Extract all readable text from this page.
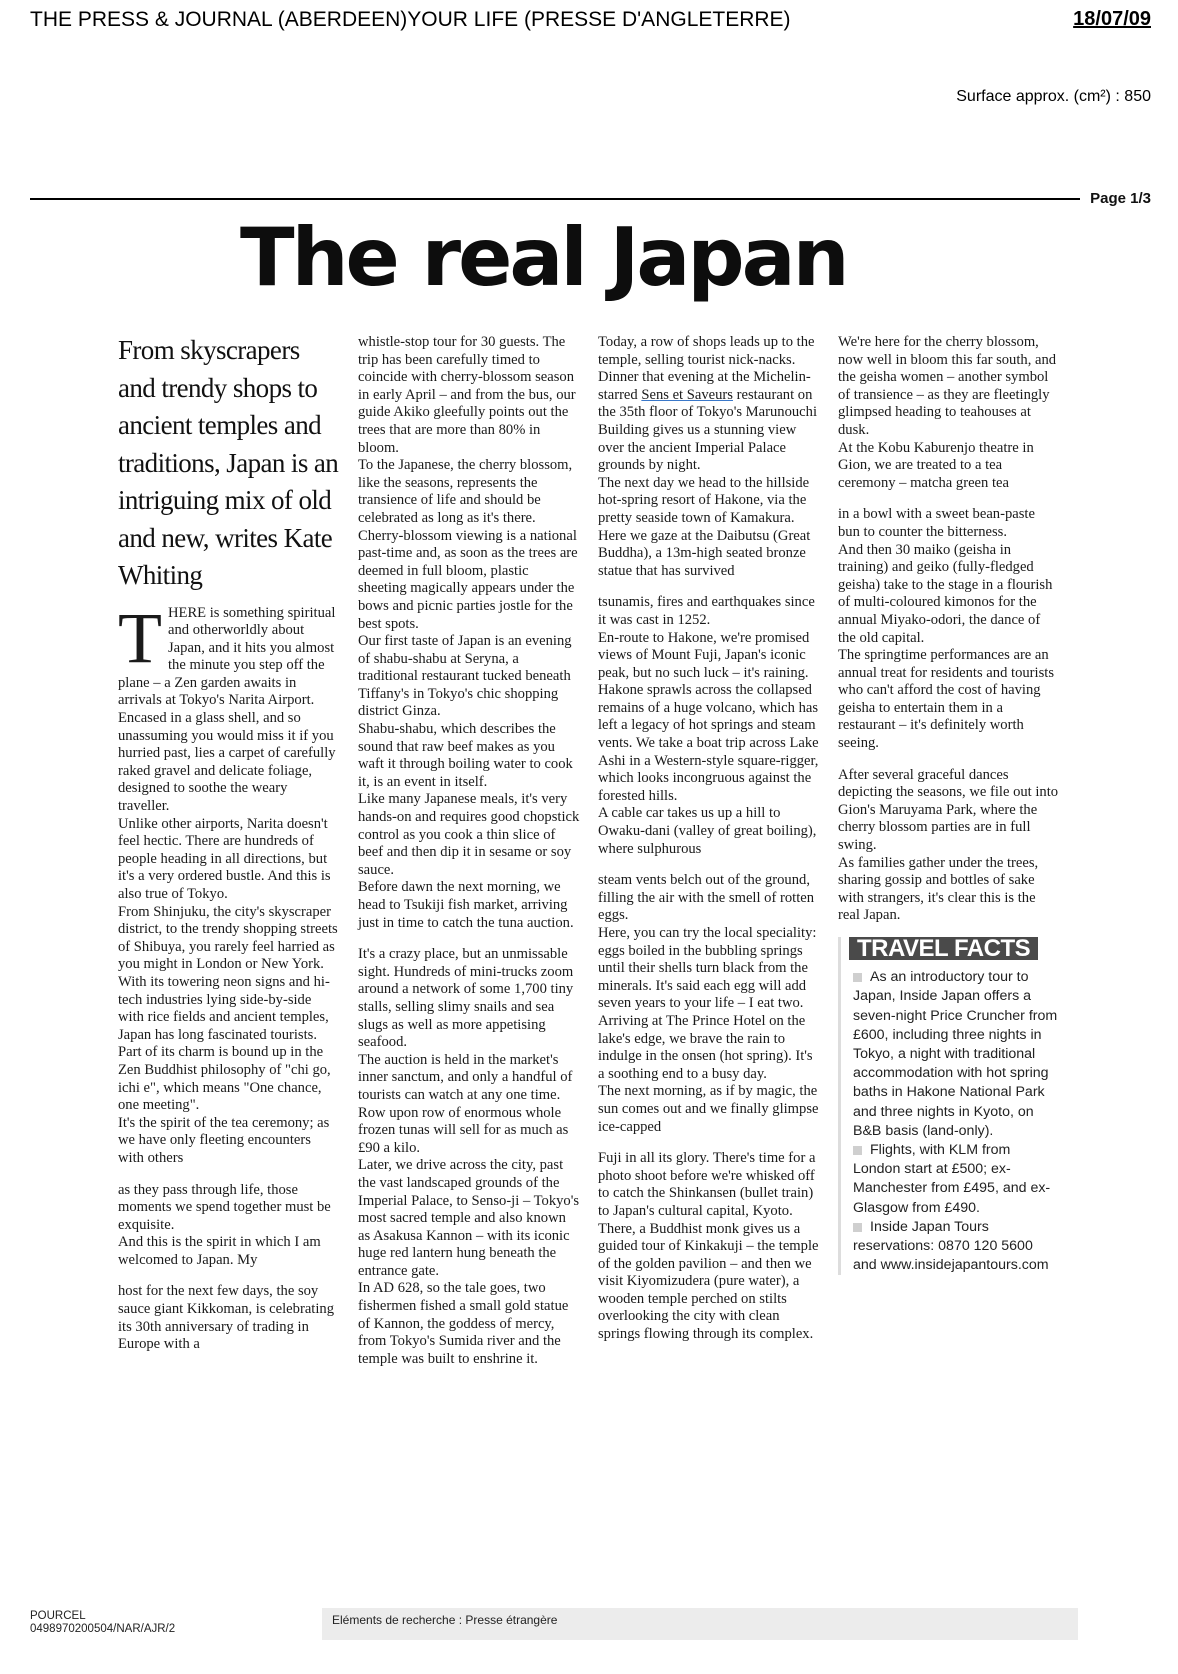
THE PRESS & JOURNAL (ABERDEEN)YOUR LIFE (PRESSE D'ANGLETERRE)	18/07/09
Surface approx. (cm²) : 850
Page 1/3
The real Japan
From skyscrapers and trendy shops to ancient temples and traditions, Japan is an intriguing mix of old and new, writes Kate Whiting

THERE is something spiritual and otherworldly about Japan, and it hits you almost the minute you step off the plane – a Zen garden awaits in arrivals at Tokyo's Narita Airport.

Encased in a glass shell, and so unassuming you would miss it if you hurried past, lies a carpet of carefully raked gravel and delicate foliage, designed to soothe the weary traveller.

Unlike other airports, Narita doesn't feel hectic. There are hundreds of people heading in all directions, but it's a very ordered bustle. And this is also true of Tokyo.

From Shinjuku, the city's skyscraper district, to the trendy shopping streets of Shibuya, you rarely feel harried as you might in London or New York.

With its towering neon signs and hi-tech industries lying side-by-side with rice fields and ancient temples, Japan has long fascinated tourists.

Part of its charm is bound up in the Zen Buddhist philosophy of "chi go, ichi e", which means "One chance, one meeting".

It's the spirit of the tea ceremony; as we have only fleeting encounters with others

as they pass through life, those moments we spend together must be exquisite.

And this is the spirit in which I am welcomed to Japan. My

host for the next few days, the soy sauce giant Kikkoman, is celebrating its 30th anniversary of trading in Europe with a

whistle-stop tour for 30 guests. The trip has been carefully timed to coincide with cherry-blossom season in early April – and from the bus, our guide Akiko gleefully points out the trees that are more than 80% in bloom.

To the Japanese, the cherry blossom, like the seasons, represents the transience of life and should be celebrated as long as it's there.

Cherry-blossom viewing is a national past-time and, as soon as the trees are deemed in full bloom, plastic sheeting magically appears under the bows and picnic parties jostle for the best spots.

Our first taste of Japan is an evening of shabu-shabu at Seryna, a traditional restaurant tucked beneath Tiffany's in Tokyo's chic shopping district Ginza.

Shabu-shabu, which describes the sound that raw beef makes as you waft it through boiling water to cook it, is an event in itself.

Like many Japanese meals, it's very hands-on and requires good chopstick control as you cook a thin slice of beef and then dip it in sesame or soy sauce.

Before dawn the next morning, we head to Tsukiji fish market, arriving just in time to catch the tuna auction.

It's a crazy place, but an unmissable sight. Hundreds of mini-trucks zoom around a network of some 1,700 tiny stalls, selling slimy snails and sea slugs as well as more appetising seafood.

The auction is held in the market's inner sanctum, and only a handful of tourists can watch at any one time. Row upon row of enormous whole frozen tunas will sell for as much as £90 a kilo.

Later, we drive across the city, past the vast landscaped grounds of the Imperial Palace, to Senso-ji – Tokyo's most sacred temple and also known as Asakusa Kannon – with its iconic huge red lantern hung beneath the entrance gate.

In AD 628, so the tale goes, two fishermen fished a small gold statue of Kannon, the goddess of mercy, from Tokyo's Sumida river and the temple was built to enshrine it.

Today, a row of shops leads up to the temple, selling tourist nick-nacks.

Dinner that evening at the Michelin-starred Sens et Saveurs restaurant on the 35th floor of Tokyo's Marunouchi Building gives us a stunning view over the ancient Imperial Palace grounds by night.

The next day we head to the hillside hot-spring resort of Hakone, via the pretty seaside town of Kamakura. Here we gaze at the Daibutsu (Great Buddha), a 13m-high seated bronze statue that has survived

tsunamis, fires and earthquakes since it was cast in 1252.

En-route to Hakone, we're promised views of Mount Fuji, Japan's iconic peak, but no such luck – it's raining.

Hakone sprawls across the collapsed remains of a huge volcano, which has left a legacy of hot springs and steam vents. We take a boat trip across Lake Ashi in a Western-style square-rigger, which looks incongruous against the forested hills.

A cable car takes us up a hill to Owaku-dani (valley of great boiling), where sulphurous

steam vents belch out of the ground, filling the air with the smell of rotten eggs.

Here, you can try the local speciality: eggs boiled in the bubbling springs until their shells turn black from the minerals. It's said each egg will add seven years to your life – I eat two.

Arriving at The Prince Hotel on the lake's edge, we brave the rain to indulge in the onsen (hot spring). It's a soothing end to a busy day.

The next morning, as if by magic, the sun comes out and we finally glimpse ice-capped

Fuji in all its glory. There's time for a photo shoot before we're whisked off to catch the Shinkansen (bullet train) to Japan's cultural capital, Kyoto.

There, a Buddhist monk gives us a guided tour of Kinkakuji – the temple of the golden pavilion – and then we visit Kiyomizudera (pure water), a wooden temple perched on stilts overlooking the city with clean springs flowing through its complex.

We're here for the cherry blossom, now well in bloom this far south, and the geisha women – another symbol of transience – as they are fleetingly glimpsed heading to teahouses at dusk.

At the Kobu Kaburenjo theatre in Gion, we are treated to a tea ceremony – matcha green tea

in a bowl with a sweet bean-paste bun to counter the bitterness.

And then 30 maiko (geisha in training) and geiko (fully-fledged geisha) take to the stage in a flourish of multi-coloured kimonos for the annual Miyako-odori, the dance of the old capital.

The springtime performances are an annual treat for residents and tourists who can't afford the cost of having geisha to entertain them in a restaurant – it's definitely worth seeing.

After several graceful dances depicting the seasons, we file out into Gion's Maruyama Park, where the cherry blossom parties are in full swing.

As families gather under the trees, sharing gossip and bottles of sake with strangers, it's clear this is the real Japan.

TRAVEL FACTS

As an introductory tour to Japan, Inside Japan offers a seven-night Price Cruncher from £600, including three nights in Tokyo, a night with traditional accommodation with hot spring baths in Hakone National Park and three nights in Kyoto, on B&B basis (land-only).

Flights, with KLM from London start at £500; ex-Manchester from £495, and ex-Glasgow from £490.

Inside Japan Tours reservations: 0870 120 5600 and www.insidejapantours.com

POURCEL
0498970200504/NAR/AJR/2
Eléments de recherche : Presse étrangère
